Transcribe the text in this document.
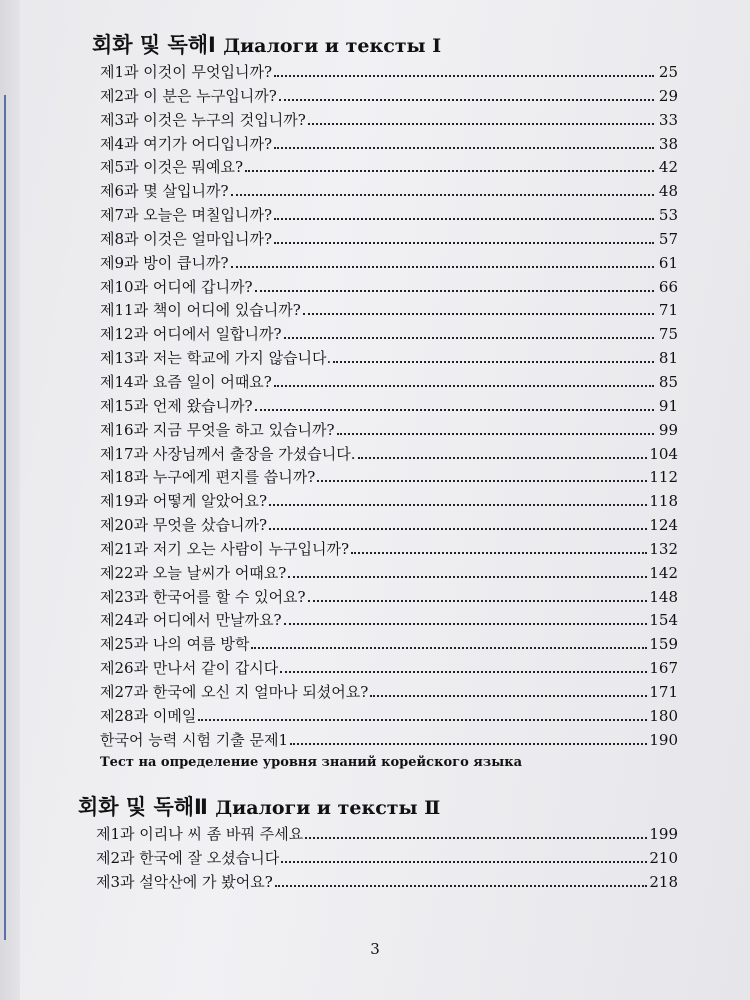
회화 및 독해Ⅰ Диалоги и тексты Ⅰ
제1과 이것이 무엇입니까?	25
제2과 이 분은 누구입니까?	29
제3과 이것은 누구의 것입니까?	33
제4과 여기가 어디입니까?	38
제5과 이것은 뭐예요?	42
제6과 몇 살입니까?	48
제7과 오늘은 며칠입니까?	53
제8과 이것은 얼마입니까?	57
제9과 방이 큽니까?	61
제10과 어디에 갑니까?	66
제11과 책이 어디에 있습니까?	71
제12과 어디에서 일합니까?	75
제13과 저는 학교에 가지 않습니다.	81
제14과 요즘 일이 어때요?	85
제15과 언제 왔습니까?	91
제16과 지금 무엇을 하고 있습니까?	99
제17과 사장님께서 출장을 가셨습니다.	104
제18과 누구에게 편지를 씁니까?	112
제19과 어떻게 알았어요?	118
제20과 무엇을 샀습니까?	124
제21과 저기 오는 사람이 누구입니까?	132
제22과 오늘 날씨가 어때요?	142
제23과 한국어를 할 수 있어요?	148
제24과 어디에서 만날까요?	154
제25과 나의 여름 방학	159
제26과 만나서 같이 갑시다	167
제27과 한국에 오신 지 얼마나 되셨어요?	171
제28과 이메일	180
한국어 능력 시험 기출 문제1	190
Тест на определение уровня знаний корейского языка
회화 및 독해Ⅱ Диалоги и тексты Ⅱ
제1과 이리나 씨 좀 바꿔 주세요	199
제2과 한국에 잘 오셨습니다	210
제3과 설악산에 가 봤어요?	218
3
